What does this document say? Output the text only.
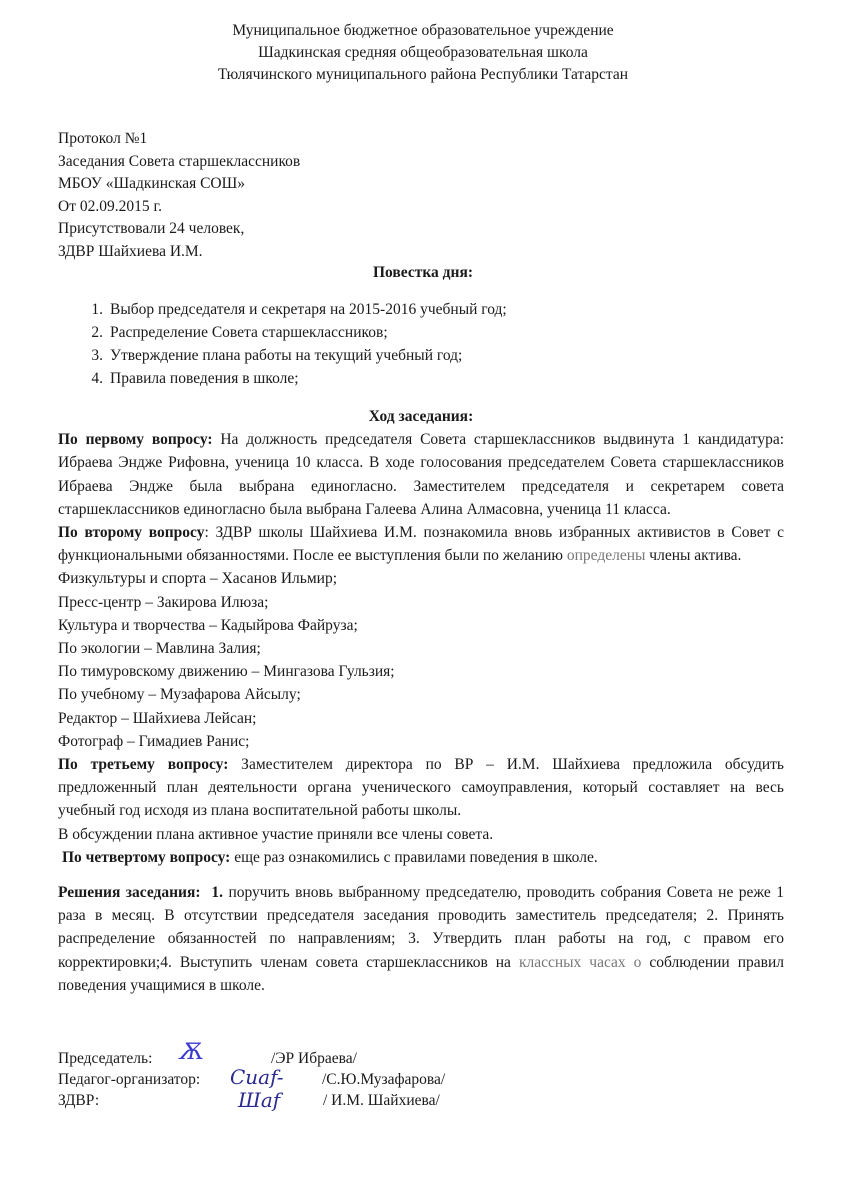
Муниципальное бюджетное образовательное учреждение
Шадкинская средняя общеобразовательная школа
Тюлячинского муниципального района Республики Татарстан
Протокол №1
Заседания Совета старшеклассников
МБОУ «Шадкинская СОШ»
От 02.09.2015 г.
Присутствовали 24 человек,
ЗДВР Шайхиева И.М.
Повестка дня:
1. Выбор председателя и секретаря на 2015-2016 учебный год;
2. Распределение Совета старшеклассников;
3. Утверждение плана работы на текущий учебный год;
4. Правила поведения в школе;
Ход заседания:

По первому вопросу: На должность председателя Совета старшеклассников выдвинута 1 кандидатура: Ибраева Эндже Рифовна, ученица 10 класса. В ходе голосования председателем Совета старшеклассников Ибраева Эндже была выбрана единогласно. Заместителем председателя и секретарем совета старшеклассников единогласно была выбрана Галеева Алина Алмасовна, ученица 11 класса.

По второму вопросу: ЗДВР школы Шайхиева И.М. познакомила вновь избранных активистов в Совет с функциональными обязанностями. После ее выступления были по желанию определены члены актива.

Физкультуры и спорта – Хасанов Ильмир;
Пресс-центр – Закирова Илюза;
Культура и творчества – Кадыйрова Файруза;
По экологии – Мавлина Залия;
По тимуровскому движению – Мингазова Гульзия;
По учебному – Музафарова Айсылу;
Редактор – Шайхиева Лейсан;
Фотограф – Гимадиев Ранис;

По третьему вопросу: Заместителем директора по ВР – И.М. Шайхиева предложила обсудить предложенный план деятельности органа ученического самоуправления, который составляет на весь учебный год исходя из плана воспитательной работы школы.

В обсуждении плана активное участие приняли все члены совета.
По четвертому вопросу: еще раз ознакомились с правилами поведения в школе.

Решения заседания: 1. поручить вновь выбранному председателю, проводить собрания Совета не реже 1 раза в месяц. В отсутствии председателя заседания проводить заместитель председателя; 2. Принять распределение обязанностей по направлениям; 3. Утвердить план работы на год, с правом его корректировки;4. Выступить членам совета старшеклассников на классных часах о соблюдении правил поведения учащимися в школе.

Председатель: Ѫ	/ЭР Ибраева/
Педагог-организатор: Cuaf- /С.Ю.Музафарова/
ЗДВР:	Шаf	/ И.М. Шайхиева/
